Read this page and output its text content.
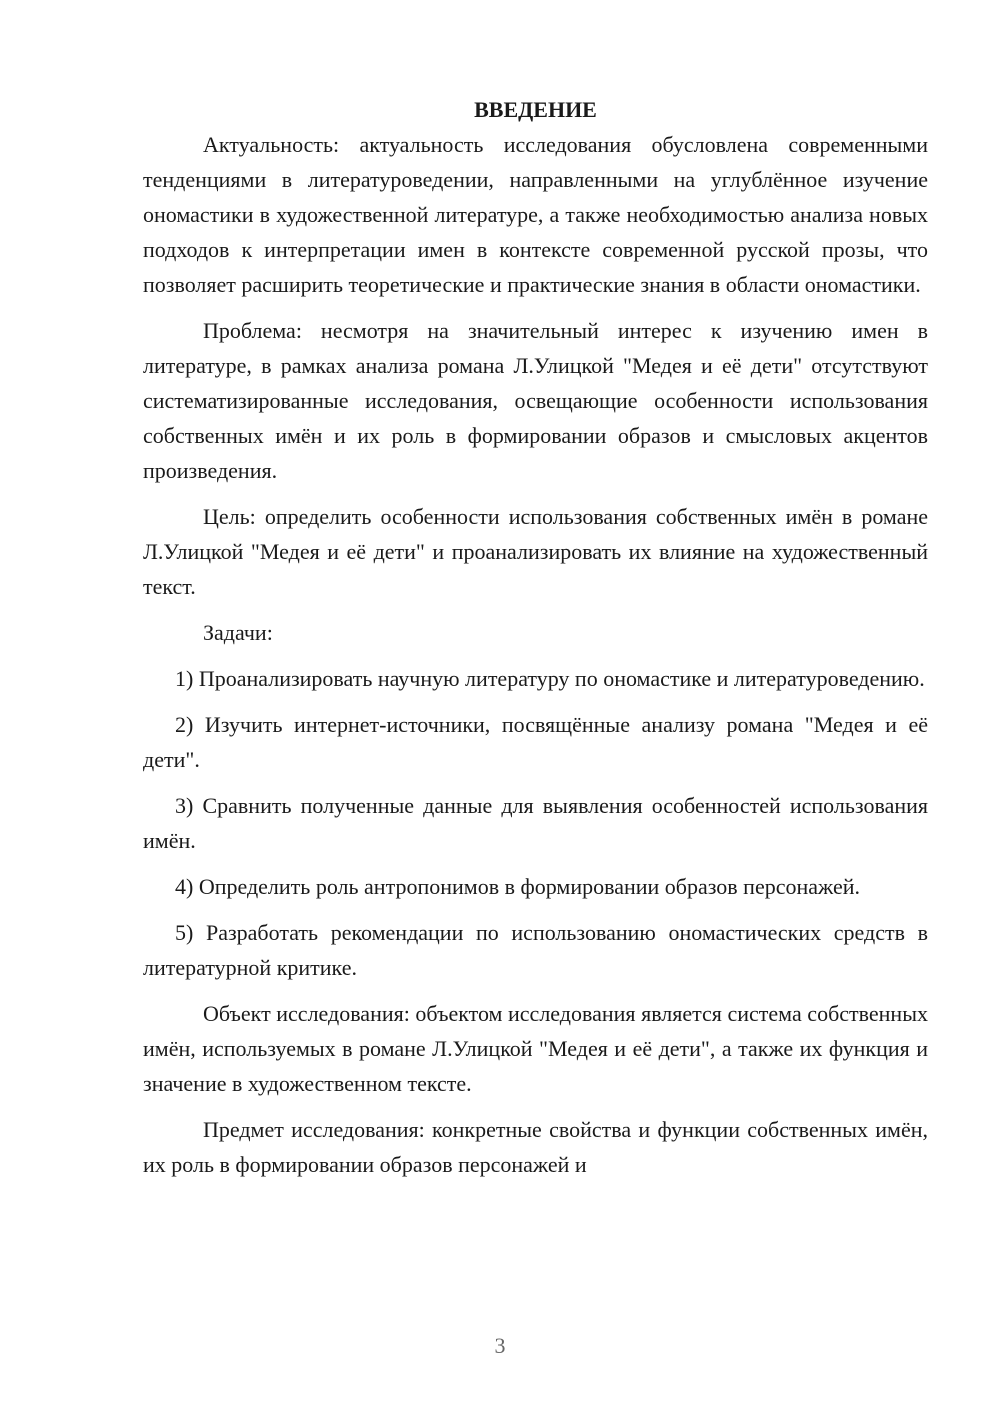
ВВЕДЕНИЕ

Актуальность: актуальность исследования обусловлена современными тенденциями в литературоведении, направленными на углублённое изучение ономастики в художественной литературе, а также необходимостью анализа новых подходов к интерпретации имен в контексте современной русской прозы, что позволяет расширить теоретические и практические знания в области ономастики.

Проблема: несмотря на значительный интерес к изучению имен в литературе, в рамках анализа романа Л.Улицкой "Медея и её дети" отсутствуют систематизированные исследования, освещающие особенности использования собственных имён и их роль в формировании образов и смысловых акцентов произведения.

Цель: определить особенности использования собственных имён в романе Л.Улицкой "Медея и её дети" и проанализировать их влияние на художественный текст.

Задачи:

1) Проанализировать научную литературу по ономастике и литературоведению.

2) Изучить интернет-источники, посвящённые анализу романа "Медея и её дети".

3) Сравнить полученные данные для выявления особенностей использования имён.

4) Определить роль антропонимов в формировании образов персонажей.

5) Разработать рекомендации по использованию ономастических средств в литературной критике.

Объект исследования: объектом исследования является система собственных имён, используемых в романе Л.Улицкой "Медея и её дети", а также их функция и значение в художественном тексте.

Предмет исследования: конкретные свойства и функции собственных имён, их роль в формировании образов персонажей и

3
